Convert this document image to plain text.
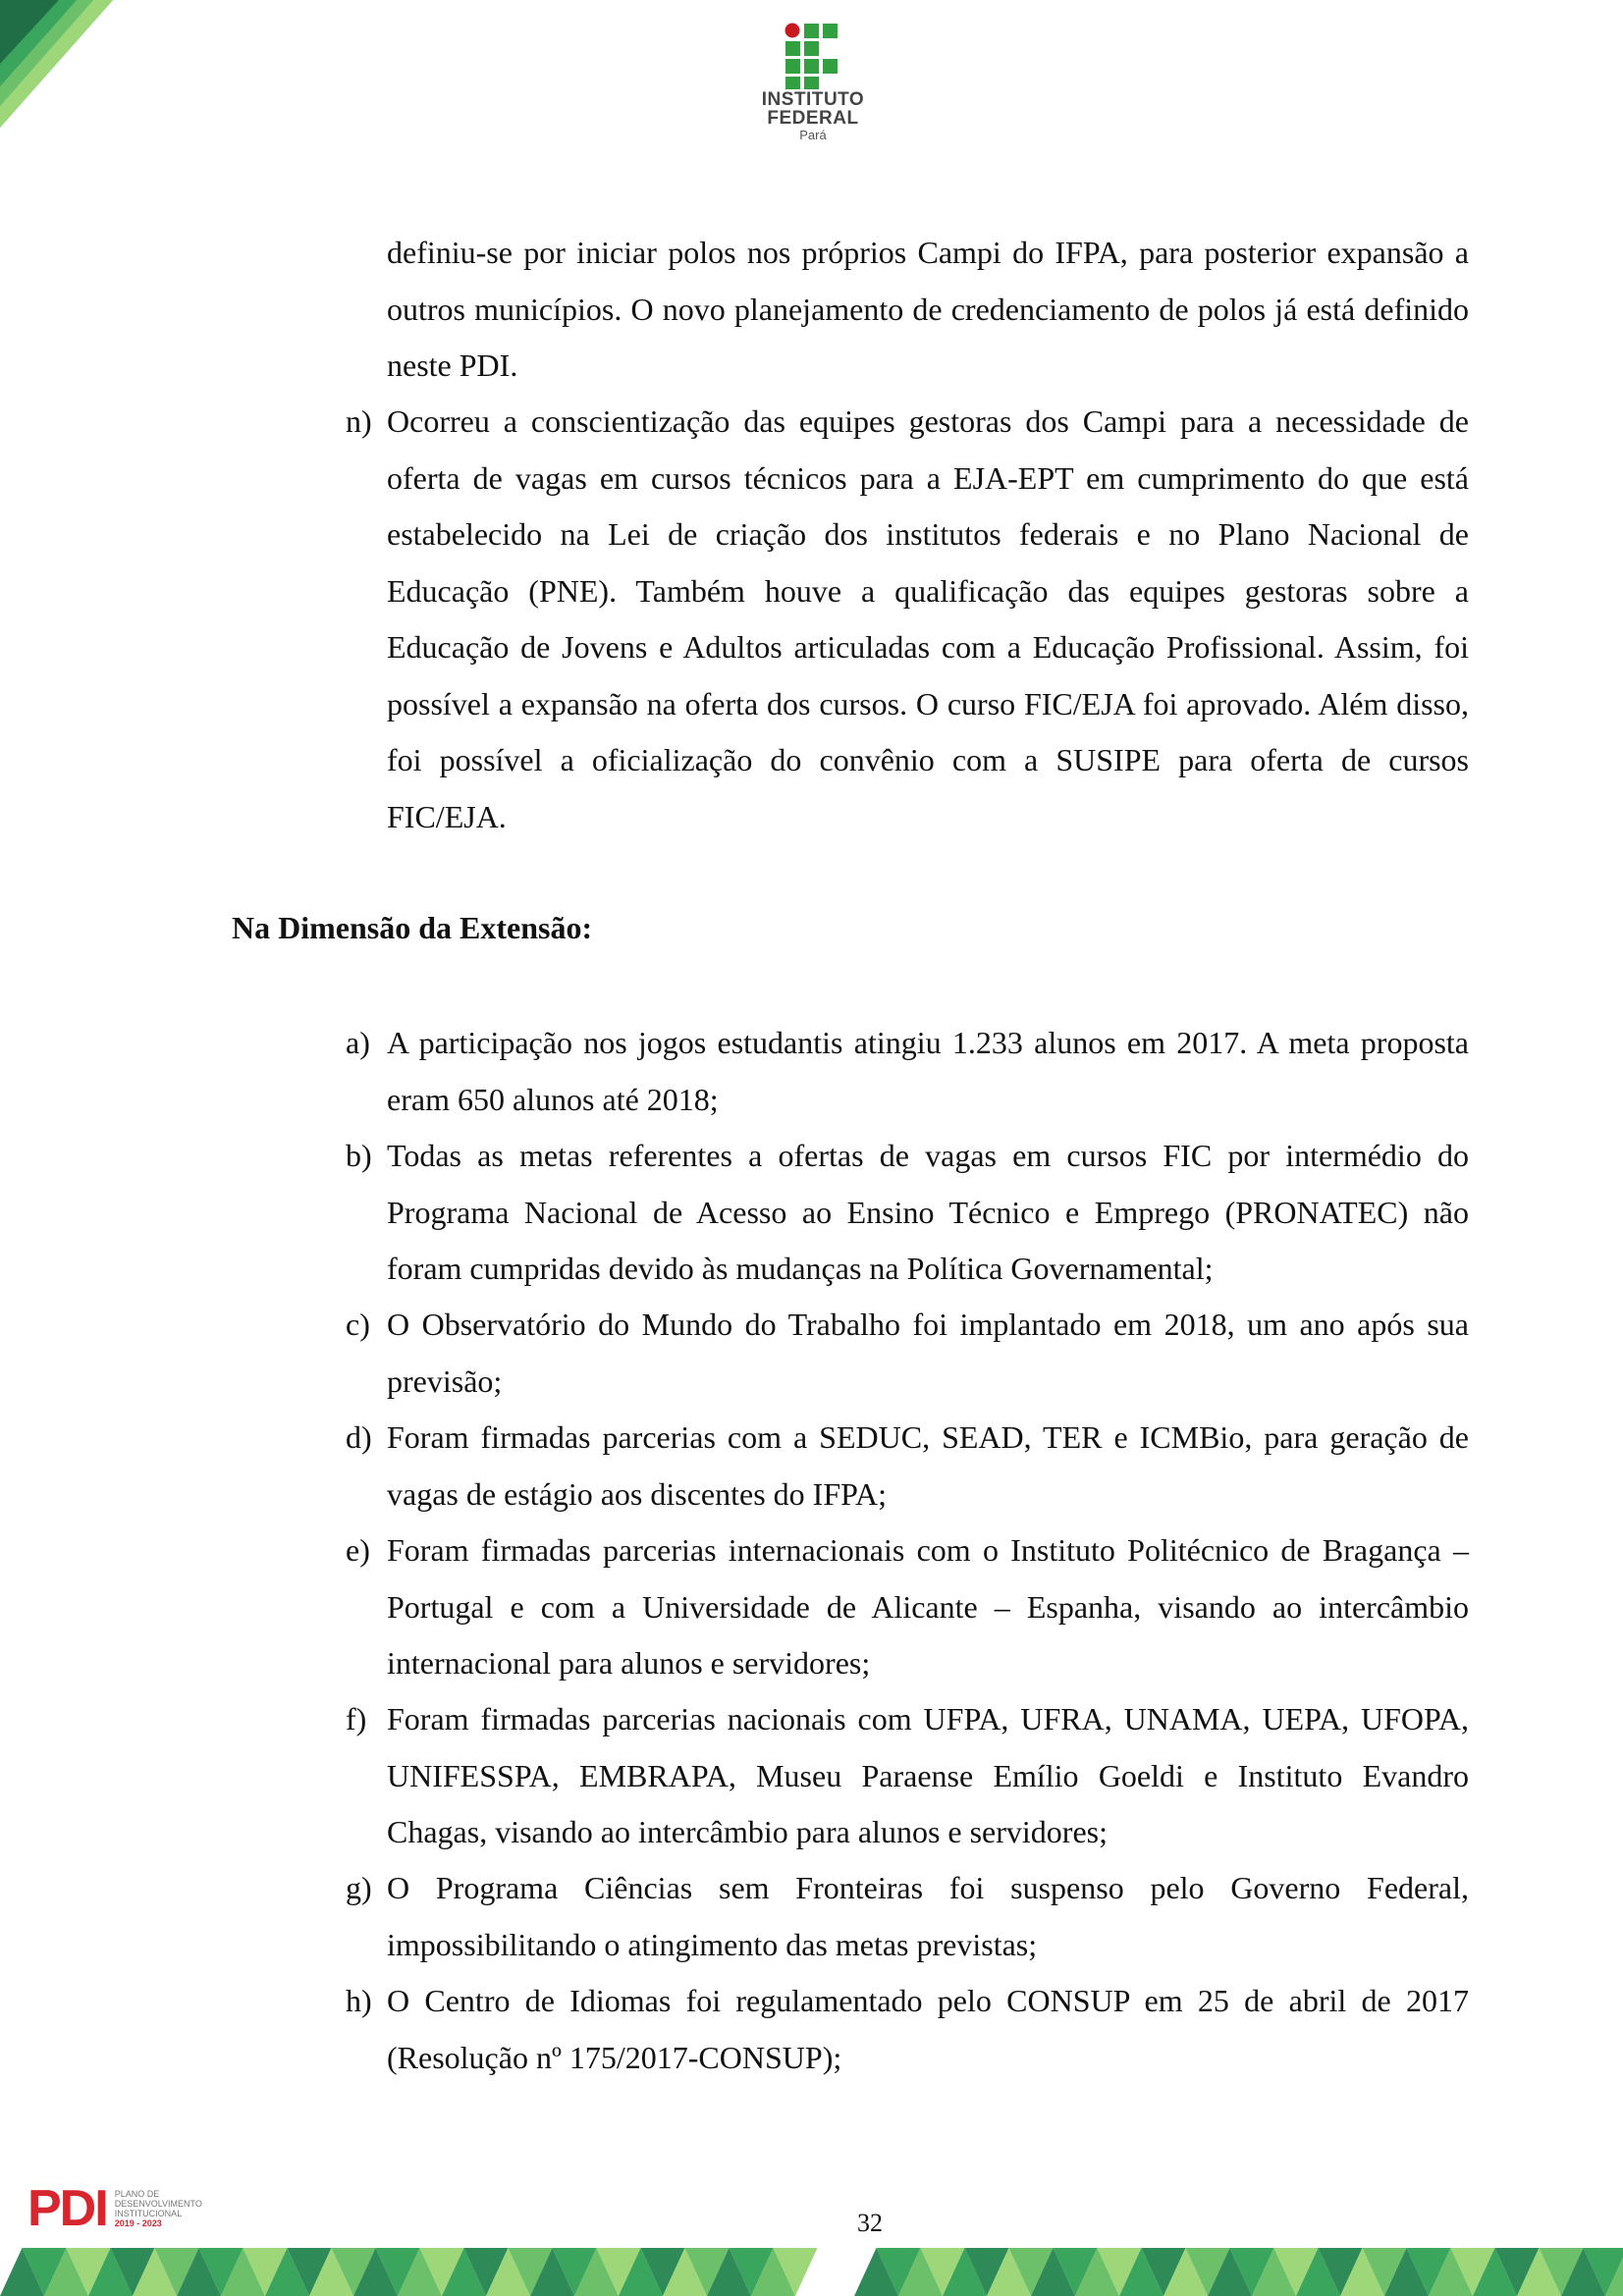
INSTITUTO
FEDERAL
Pará

definiu-se por iniciar polos nos próprios Campi do IFPA, para posterior expansão a outros municípios. O novo planejamento de credenciamento de polos já está definido neste PDI.

n) Ocorreu a conscientização das equipes gestoras dos Campi para a necessidade de oferta de vagas em cursos técnicos para a EJA-EPT em cumprimento do que está estabelecido na Lei de criação dos institutos federais e no Plano Nacional de Educação (PNE). Também houve a qualificação das equipes gestoras sobre a Educação de Jovens e Adultos articuladas com a Educação Profissional. Assim, foi possível a expansão na oferta dos cursos. O curso FIC/EJA foi aprovado. Além disso, foi possível a oficialização do convênio com a SUSIPE para oferta de cursos FIC/EJA.

Na Dimensão da Extensão:

a) A participação nos jogos estudantis atingiu 1.233 alunos em 2017. A meta proposta eram 650 alunos até 2018;
b) Todas as metas referentes a ofertas de vagas em cursos FIC por intermédio do Programa Nacional de Acesso ao Ensino Técnico e Emprego (PRONATEC) não foram cumpridas devido às mudanças na Política Governamental;
c) O Observatório do Mundo do Trabalho foi implantado em 2018, um ano após sua previsão;
d) Foram firmadas parcerias com a SEDUC, SEAD, TER e ICMBio, para geração de vagas de estágio aos discentes do IFPA;
e) Foram firmadas parcerias internacionais com o Instituto Politécnico de Bragança – Portugal e com a Universidade de Alicante – Espanha, visando ao intercâmbio internacional para alunos e servidores;
f) Foram firmadas parcerias nacionais com UFPA, UFRA, UNAMA, UEPA, UFOPA, UNIFESSPA, EMBRAPA, Museu Paraense Emílio Goeldi e Instituto Evandro Chagas, visando ao intercâmbio para alunos e servidores;
g) O Programa Ciências sem Fronteiras foi suspenso pelo Governo Federal, impossibilitando o atingimento das metas previstas;
h) O Centro de Idiomas foi regulamentado pelo CONSUP em 25 de abril de 2017 (Resolução nº 175/2017-CONSUP);
PDI PLANO DE
DESENVOLVIMENTO
INSTITUCIONAL
2019 - 2023	32
